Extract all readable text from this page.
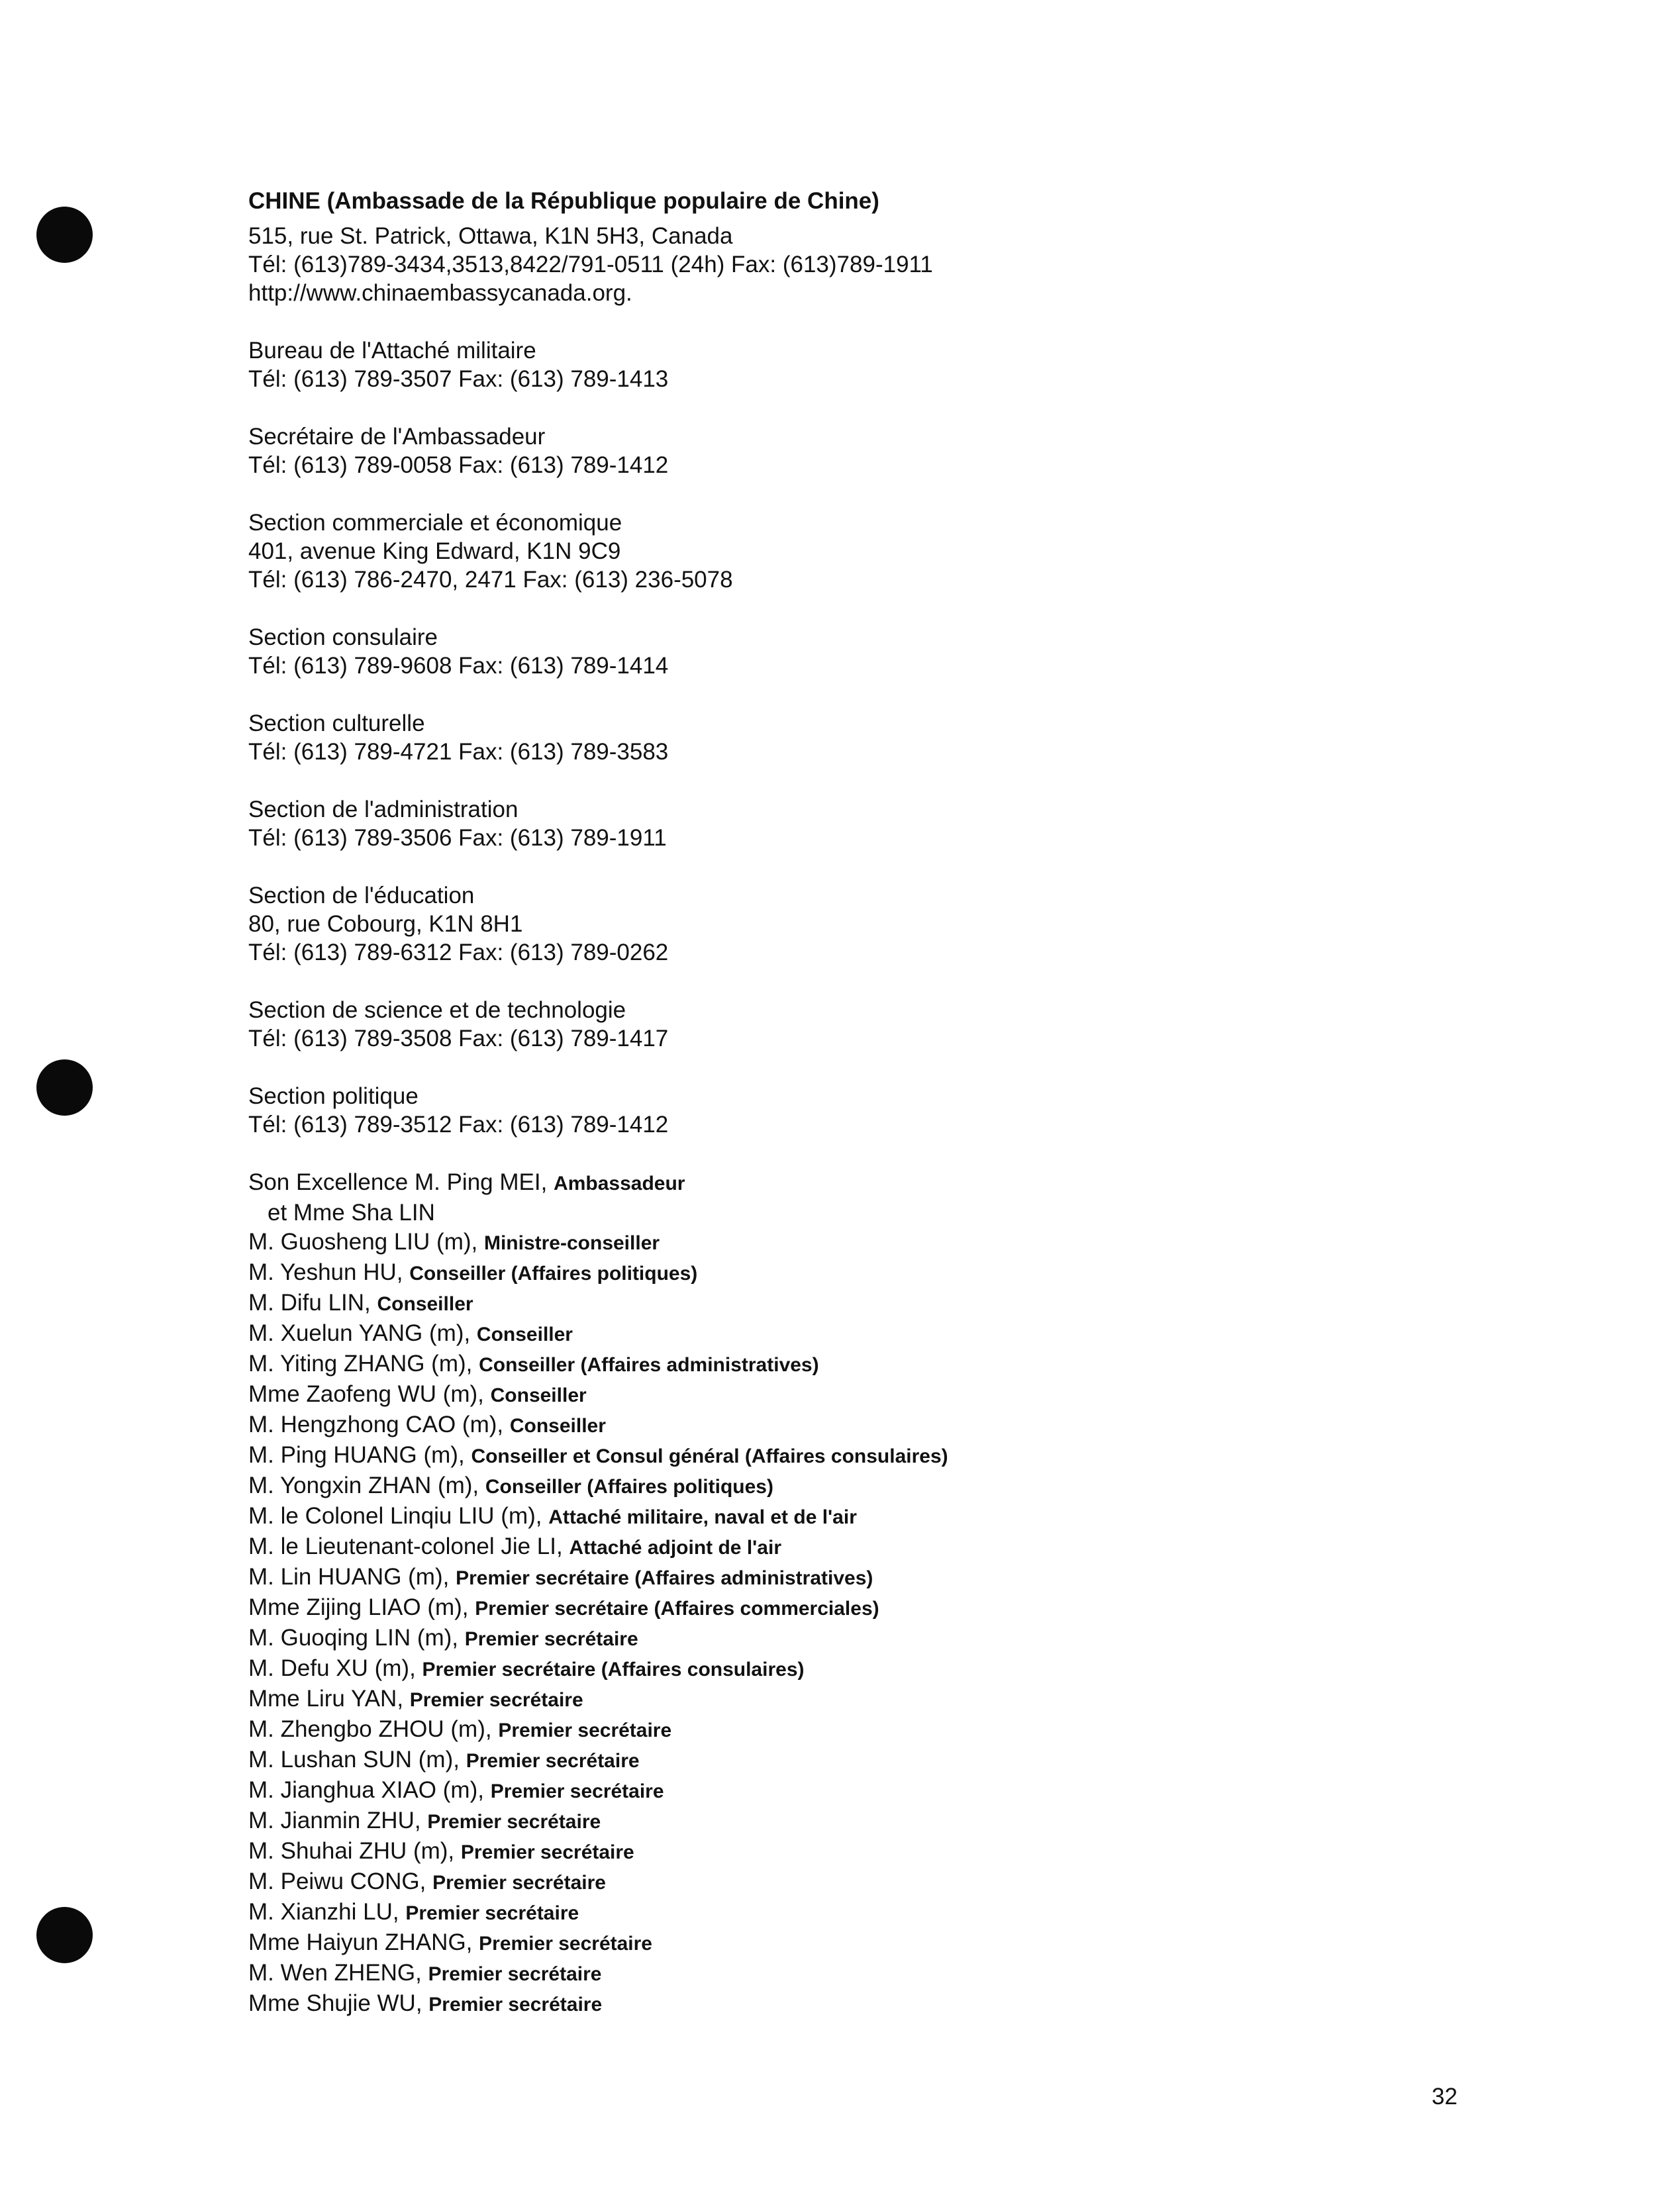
CHINE (Ambassade de la République populaire de Chine)
515, rue St. Patrick, Ottawa, K1N 5H3, Canada
Tél: (613)789-3434,3513,8422/791-0511 (24h) Fax: (613)789-1911
http://www.chinaembassycanada.org.
Bureau de l'Attaché militaire
Tél: (613) 789-3507 Fax: (613) 789-1413
Secrétaire de l'Ambassadeur
Tél: (613) 789-0058 Fax: (613) 789-1412
Section commerciale et économique
401, avenue King Edward, K1N 9C9
Tél: (613) 786-2470, 2471 Fax: (613) 236-5078
Section consulaire
Tél: (613) 789-9608 Fax: (613) 789-1414
Section culturelle
Tél: (613) 789-4721 Fax: (613) 789-3583
Section de l'administration
Tél: (613) 789-3506 Fax: (613) 789-1911
Section de l'éducation
80, rue Cobourg, K1N 8H1
Tél: (613) 789-6312 Fax: (613) 789-0262
Section de science et de technologie
Tél: (613) 789-3508 Fax: (613) 789-1417
Section politique
Tél: (613) 789-3512 Fax: (613) 789-1412
Son Excellence M. Ping MEI, Ambassadeur
et Mme Sha LIN
M. Guosheng LIU (m), Ministre-conseiller
M. Yeshun HU, Conseiller (Affaires politiques)
M. Difu LIN, Conseiller
M. Xuelun YANG (m), Conseiller
M. Yiting ZHANG (m), Conseiller (Affaires administratives)
Mme Zaofeng WU (m), Conseiller
M. Hengzhong CAO (m), Conseiller
M. Ping HUANG (m), Conseiller et Consul général (Affaires consulaires)
M. Yongxin ZHAN (m), Conseiller (Affaires politiques)
M. le Colonel Linqiu LIU (m), Attaché militaire, naval et de l'air
M. le Lieutenant-colonel Jie LI, Attaché adjoint de l'air
M. Lin HUANG (m), Premier secrétaire (Affaires administratives)
Mme Zijing LIAO (m), Premier secrétaire (Affaires commerciales)
M. Guoqing LIN (m), Premier secrétaire
M. Defu XU (m), Premier secrétaire (Affaires consulaires)
Mme Liru YAN, Premier secrétaire
M. Zhengbo ZHOU (m), Premier secrétaire
M. Lushan SUN (m), Premier secrétaire
M. Jianghua XIAO (m), Premier secrétaire
M. Jianmin ZHU, Premier secrétaire
M. Shuhai ZHU (m), Premier secrétaire
M. Peiwu CONG, Premier secrétaire
M. Xianzhi LU, Premier secrétaire
Mme Haiyun ZHANG, Premier secrétaire
M. Wen ZHENG, Premier secrétaire
Mme Shujie WU, Premier secrétaire
32
